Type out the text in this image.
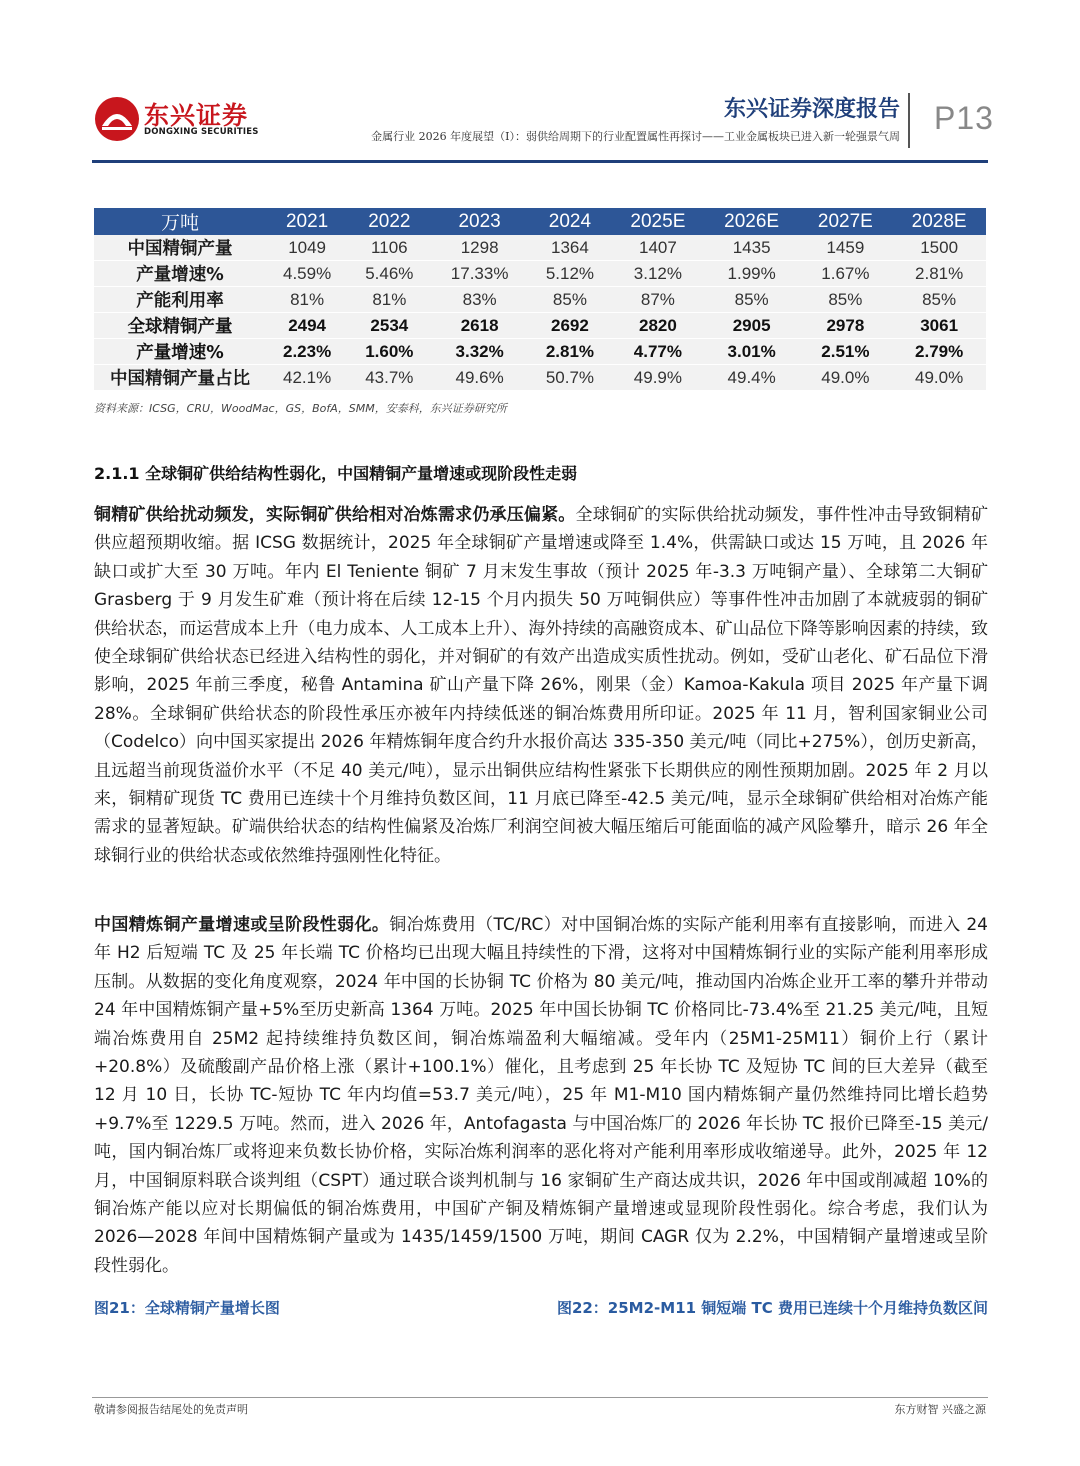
东兴证券
DONGXING SECURITIES
东兴证券深度报告
金属行业 2026 年度展望（Ⅰ）：弱供给周期下的行业配置属性再探讨——工业金属板块已进入新一轮强景气周
P13
万吨	2021	2022	2023	2024	2025E	2026E	2027E	2028E
中国精铜产量	1049	1106	1298	1364	1407	1435	1459	1500
产量增速%	4.59%	5.46%	17.33%	5.12%	3.12%	1.99%	1.67%	2.81%
产能利用率	81%	81%	83%	85%	87%	85%	85%	85%
全球精铜产量	2494	2534	2618	2692	2820	2905	2978	3061
产量增速%	2.23%	1.60%	3.32%	2.81%	4.77%	3.01%	2.51%	2.79%
中国精铜产量占比	42.1%	43.7%	49.6%	50.7%	49.9%	49.4%	49.0%	49.0%
资料来源：ICSG，CRU，WoodMac，GS，BofA，SMM，安泰科，东兴证券研究所
2.1.1 全球铜矿供给结构性弱化，中国精铜产量增速或现阶段性走弱

铜精矿供给扰动频发，实际铜矿供给相对冶炼需求仍承压偏紧。全球铜矿的实际供给扰动频发，事件性冲击导致铜精矿供应超预期收缩。据 ICSG 数据统计，2025 年全球铜矿产量增速或降至 1.4%，供需缺口或达 15 万吨，且 2026 年缺口或扩大至 30 万吨。年内 El Teniente 铜矿 7 月末发生事故（预计 2025 年-3.3 万吨铜产量）、全球第二大铜矿 Grasberg 于 9 月发生矿难（预计将在后续 12-15 个月内损失 50 万吨铜供应）等事件性冲击加剧了本就疲弱的铜矿供给状态，而运营成本上升（电力成本、人工成本上升）、海外持续的高融资成本、矿山品位下降等影响因素的持续，致使全球铜矿供给状态已经进入结构性的弱化，并对铜矿的有效产出造成实质性扰动。例如，受矿山老化、矿石品位下滑影响，2025 年前三季度，秘鲁 Antamina 矿山产量下降 26%，刚果（金）Kamoa-Kakula 项目 2025 年产量下调 28%。全球铜矿供给状态的阶段性承压亦被年内持续低迷的铜冶炼费用所印证。2025 年 11 月，智利国家铜业公司（Codelco）向中国买家提出 2026 年精炼铜年度合约升水报价高达 335-350 美元/吨（同比+275%），创历史新高，且远超当前现货溢价水平（不足 40 美元/吨），显示出铜供应结构性紧张下长期供应的刚性预期加剧。2025 年 2 月以来，铜精矿现货 TC 费用已连续十个月维持负数区间，11 月底已降至-42.5 美元/吨，显示全球铜矿供给相对冶炼产能需求的显著短缺。矿端供给状态的结构性偏紧及冶炼厂利润空间被大幅压缩后可能面临的减产风险攀升，暗示 26 年全球铜行业的供给状态或依然维持强刚性化特征。

中国精炼铜产量增速或呈阶段性弱化。铜冶炼费用（TC/RC）对中国铜冶炼的实际产能利用率有直接影响，而进入 24 年 H2 后短端 TC 及 25 年长端 TC 价格均已出现大幅且持续性的下滑，这将对中国精炼铜行业的实际产能利用率形成压制。从数据的变化角度观察，2024 年中国的长协铜 TC 价格为 80 美元/吨，推动国内冶炼企业开工率的攀升并带动 24 年中国精炼铜产量+5%至历史新高 1364 万吨。2025 年中国长协铜 TC 价格同比-73.4%至 21.25 美元/吨，且短端冶炼费用自 25M2 起持续维持负数区间，铜冶炼端盈利大幅缩减。受年内（25M1-25M11）铜价上行（累计+20.8%）及硫酸副产品价格上涨（累计+100.1%）催化，且考虑到 25 年长协 TC 及短协 TC 间的巨大差异（截至 12 月 10 日，长协 TC-短协 TC 年内均值=53.7 美元/吨），25 年 M1-M10 国内精炼铜产量仍然维持同比增长趋势+9.7%至 1229.5 万吨。然而，进入 2026 年，Antofagasta 与中国冶炼厂的 2026 年长协 TC 报价已降至-15 美元/吨，国内铜冶炼厂或将迎来负数长协价格，实际冶炼利润率的恶化将对产能利用率形成收缩递导。此外，2025 年 12 月，中国铜原料联合谈判组（CSPT）通过联合谈判机制与 16 家铜矿生产商达成共识，2026 年中国或削减超 10%的铜冶炼产能以应对长期偏低的铜冶炼费用，中国矿产铜及精炼铜产量增速或显现阶段性弱化。综合考虑，我们认为 2026—2028 年间中国精炼铜产量或为 1435/1459/1500 万吨，期间 CAGR 仅为 2.2%，中国精铜产量增速或呈阶段性弱化。

图21：全球精铜产量增长图	图22：25M2-M11 铜短端 TC 费用已连续十个月维持负数区间
敬请参阅报告结尾处的免责声明	东方财智 兴盛之源
